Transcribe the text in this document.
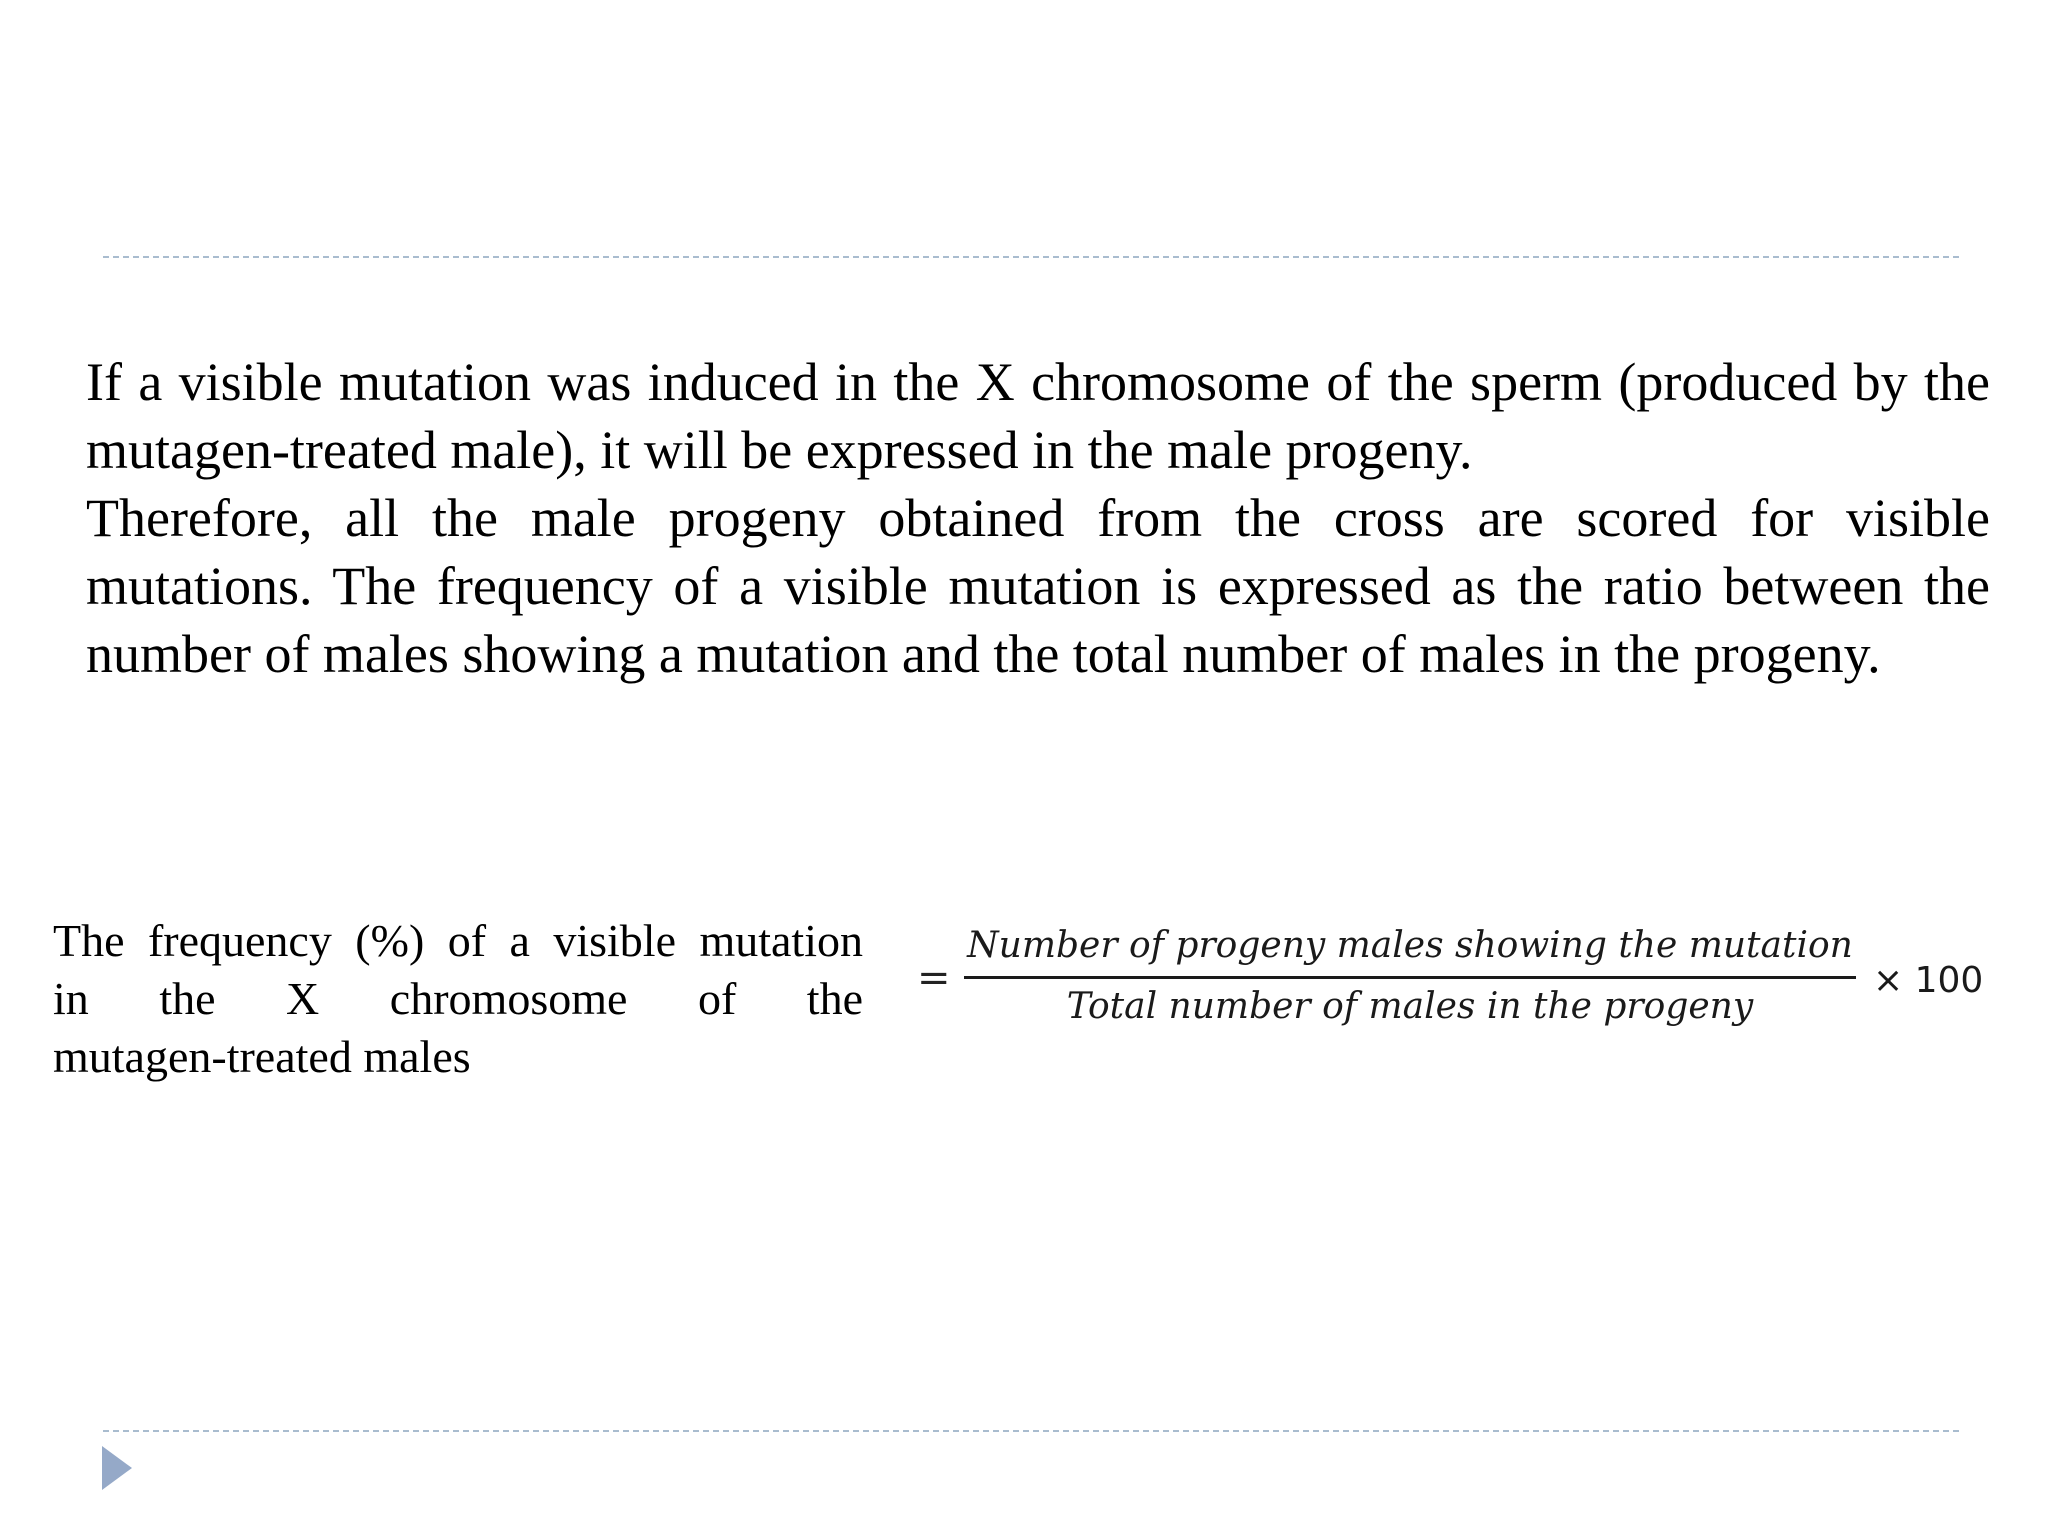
If a visible mutation was induced in the X chromosome of the sperm (produced by the mutagen-treated male), it will be expressed in the male progeny.

Therefore, all the male progeny obtained from the cross are scored for visible mutations. The frequency of a visible mutation is expressed as the ratio between the number of males showing a mutation and the total number of males in the progeny.

The frequency (%) of a visible mutation
in the X chromosome of the
mutagen-treated males
=
Number of progeny males showing the mutation
Total number of males in the progeny
× 100
